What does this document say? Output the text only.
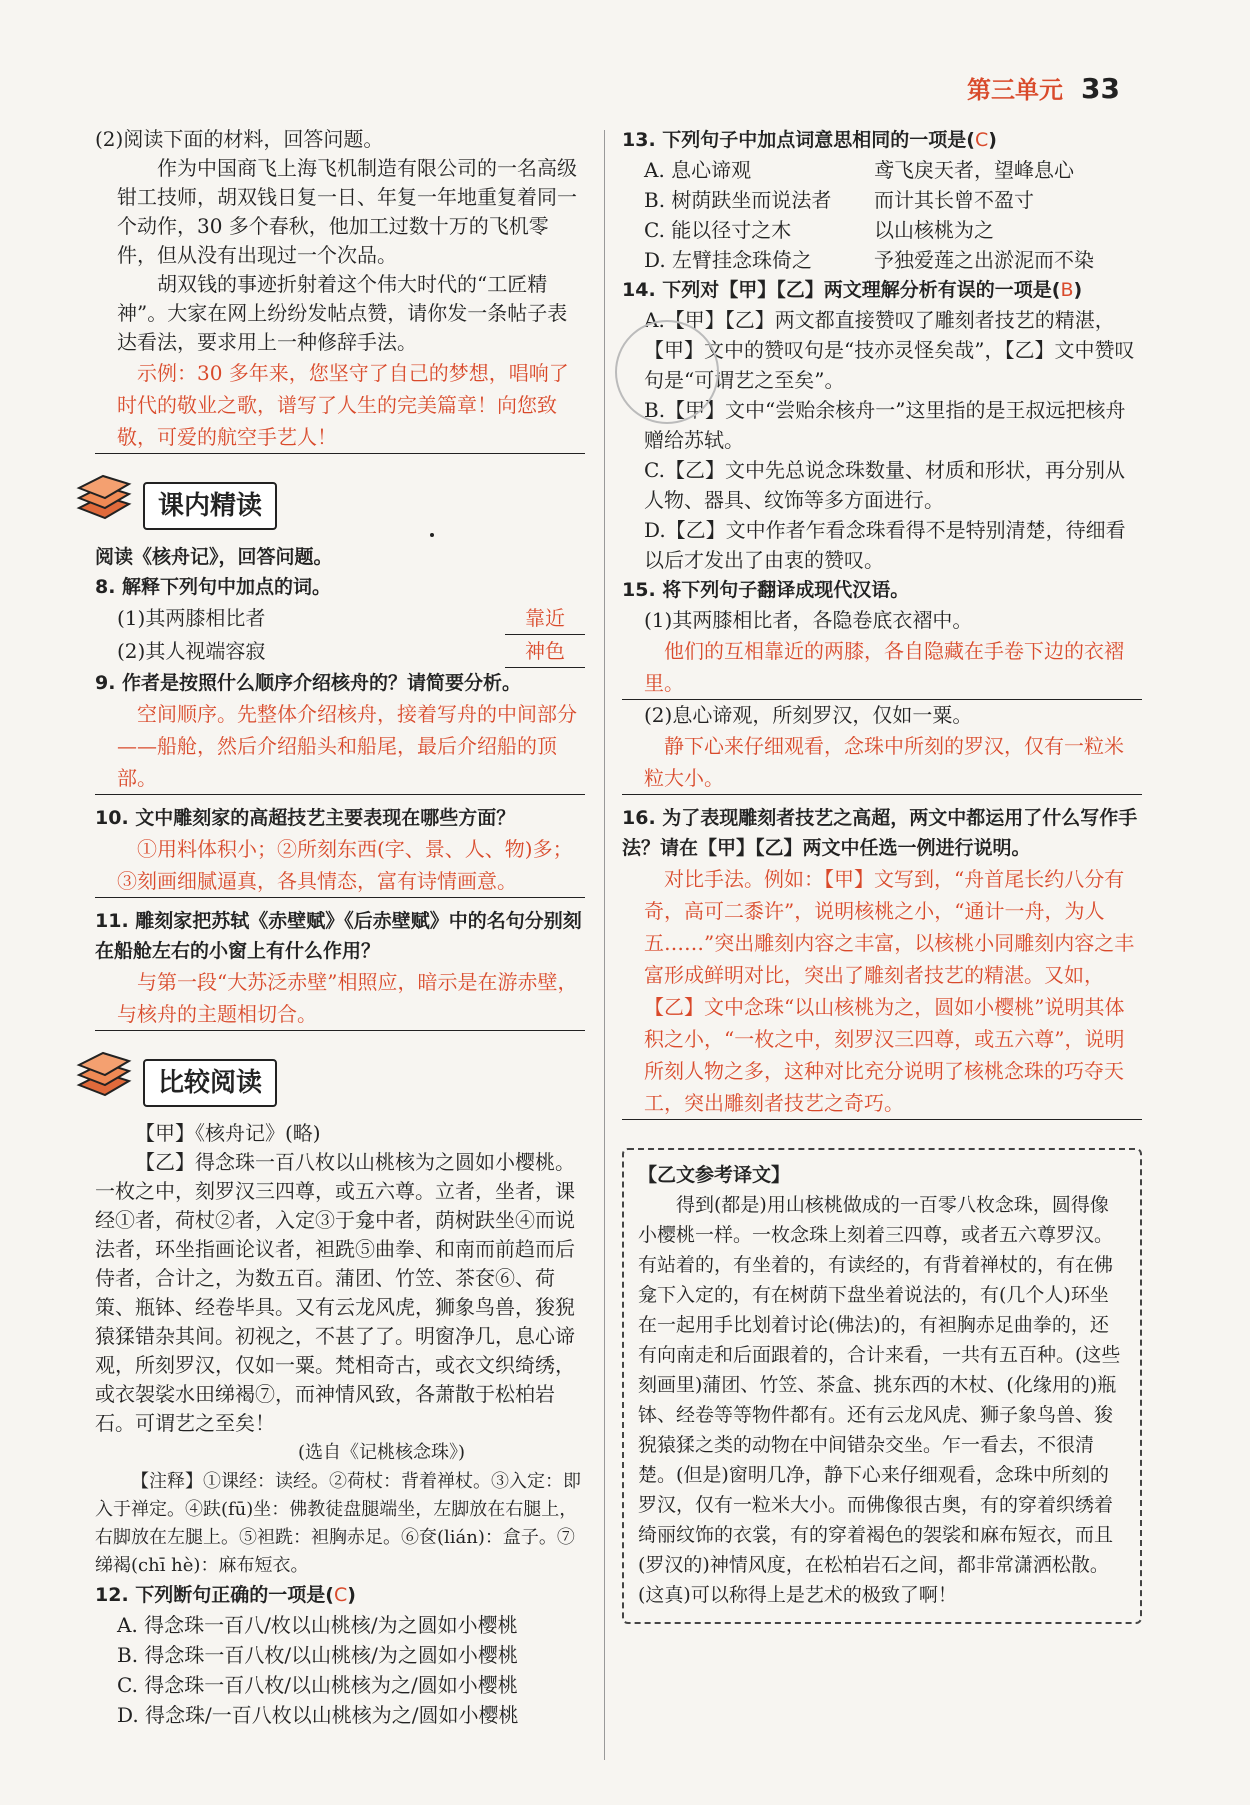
第三单元 33

(2)阅读下面的材料，回答问题。

作为中国商飞上海飞机制造有限公司的一名高级钳工技师，胡双钱日复一日、年复一年地重复着同一个动作，30 多个春秋，他加工过数十万的飞机零件，但从没有出现过一个次品。

胡双钱的事迹折射着这个伟大时代的“工匠精神”。大家在网上纷纷发帖点赞，请你发一条帖子表达看法，要求用上一种修辞手法。

示例：30 多年来，您坚守了自己的梦想，唱响了时代的敬业之歌，谱写了人生的完美篇章！向您致敬，可爱的航空手艺人！
课内精读

阅读《核舟记》，回答问题。

8. 解释下列句中加点的词。

(1)其两膝相比者	靠近
(2)其人视端容寂	神色

9. 作者是按照什么顺序介绍核舟的？请简要分析。

空间顺序。先整体介绍核舟，接着写舟的中间部分——船舱，然后介绍船头和船尾，最后介绍船的顶部。

10. 文中雕刻家的高超技艺主要表现在哪些方面？

①用料体积小；②所刻东西(字、景、人、物)多；③刻画细腻逼真，各具情态，富有诗情画意。

11. 雕刻家把苏轼《赤壁赋》《后赤壁赋》中的名句分别刻在船舱左右的小窗上有什么作用？

与第一段“大苏泛赤壁”相照应，暗示是在游赤壁，与核舟的主题相切合。
比较阅读

【甲】《核舟记》(略)

【乙】得念珠一百八枚以山桃核为之圆如小樱桃。一枚之中，刻罗汉三四尊，或五六尊。立者，坐者，课经①者，荷杖②者，入定③于龛中者，荫树趺坐④而说法者，环坐指画论议者，袒跣⑤曲拳、和南而前趋而后侍者，合计之，为数五百。蒲团、竹笠、茶奁⑥、荷策、瓶钵、经卷毕具。又有云龙风虎，狮象鸟兽，狻猊猿猱错杂其间。初视之，不甚了了。明窗净几，息心谛观，所刻罗汉，仅如一粟。梵相奇古，或衣文织绮绣，或衣袈裟水田绨褐⑦，而神情风致，各萧散于松柏岩石。可谓艺之至矣！

(选自《记桃核念珠》)

【注释】①课经：读经。②荷杖：背着禅杖。③入定：即入于禅定。④趺(fū)坐：佛教徒盘腿端坐，左脚放在右腿上，右脚放在左腿上。⑤袒跣：袒胸赤足。⑥奁(lián)：盒子。⑦绨褐(chī hè)：麻布短衣。

12. 下列断句正确的一项是(C)

A. 得念珠一百八/枚以山桃核/为之圆如小樱桃

B. 得念珠一百八枚/以山桃核/为之圆如小樱桃

C. 得念珠一百八枚/以山桃核为之/圆如小樱桃

D. 得念珠/一百八枚以山桃核为之/圆如小樱桃

13. 下列句子中加点词意思相同的一项是(C)

A. 息心谛观	鸢飞戾天者，望峰息心
B. 树荫趺坐而说法者	而计其长曾不盈寸
C. 能以径寸之木	以山核桃为之
D. 左臂挂念珠倚之	予独爱莲之出淤泥而不染

14. 下列对【甲】【乙】两文理解分析有误的一项是(B)

A.【甲】【乙】两文都直接赞叹了雕刻者技艺的精湛，【甲】文中的赞叹句是“技亦灵怪矣哉”，【乙】文中赞叹句是“可谓艺之至矣”。

B.【甲】文中“尝贻余核舟一”这里指的是王叔远把核舟赠给苏轼。

C.【乙】文中先总说念珠数量、材质和形状，再分别从人物、器具、纹饰等多方面进行。

D.【乙】文中作者乍看念珠看得不是特别清楚，待细看以后才发出了由衷的赞叹。

15. 将下列句子翻译成现代汉语。

(1)其两膝相比者，各隐卷底衣褶中。

他们的互相靠近的两膝，各自隐藏在手卷下边的衣褶里。

(2)息心谛观，所刻罗汉，仅如一粟。

静下心来仔细观看，念珠中所刻的罗汉，仅有一粒米粒大小。

16. 为了表现雕刻者技艺之高超，两文中都运用了什么写作手法？请在【甲】【乙】两文中任选一例进行说明。

对比手法。例如：【甲】文写到，“舟首尾长约八分有奇，高可二黍许”，说明核桃之小，“通计一舟，为人五……”突出雕刻内容之丰富，以核桃小同雕刻内容之丰富形成鲜明对比，突出了雕刻者技艺的精湛。又如，【乙】文中念珠“以山核桃为之，圆如小樱桃”说明其体积之小，“一枚之中，刻罗汉三四尊，或五六尊”，说明所刻人物之多，这种对比充分说明了核桃念珠的巧夺天工，突出雕刻者技艺之奇巧。

【乙文参考译文】

得到(都是)用山核桃做成的一百零八枚念珠，圆得像小樱桃一样。一枚念珠上刻着三四尊，或者五六尊罗汉。有站着的，有坐着的，有读经的，有背着禅杖的，有在佛龛下入定的，有在树荫下盘坐着说法的，有(几个人)环坐在一起用手比划着讨论(佛法)的，有袒胸赤足曲拳的，还有向南走和后面跟着的，合计来看，一共有五百种。(这些刻画里)蒲团、竹笠、茶盒、挑东西的木杖、(化缘用的)瓶钵、经卷等等物件都有。还有云龙风虎、狮子象鸟兽、狻猊猿猱之类的动物在中间错杂交坐。乍一看去，不很清楚。(但是)窗明几净，静下心来仔细观看，念珠中所刻的罗汉，仅有一粒米大小。而佛像很古奥，有的穿着织绣着绮丽纹饰的衣裳，有的穿着褐色的袈裟和麻布短衣，而且(罗汉的)神情风度，在松柏岩石之间，都非常潇洒松散。(这真)可以称得上是艺术的极致了啊！
